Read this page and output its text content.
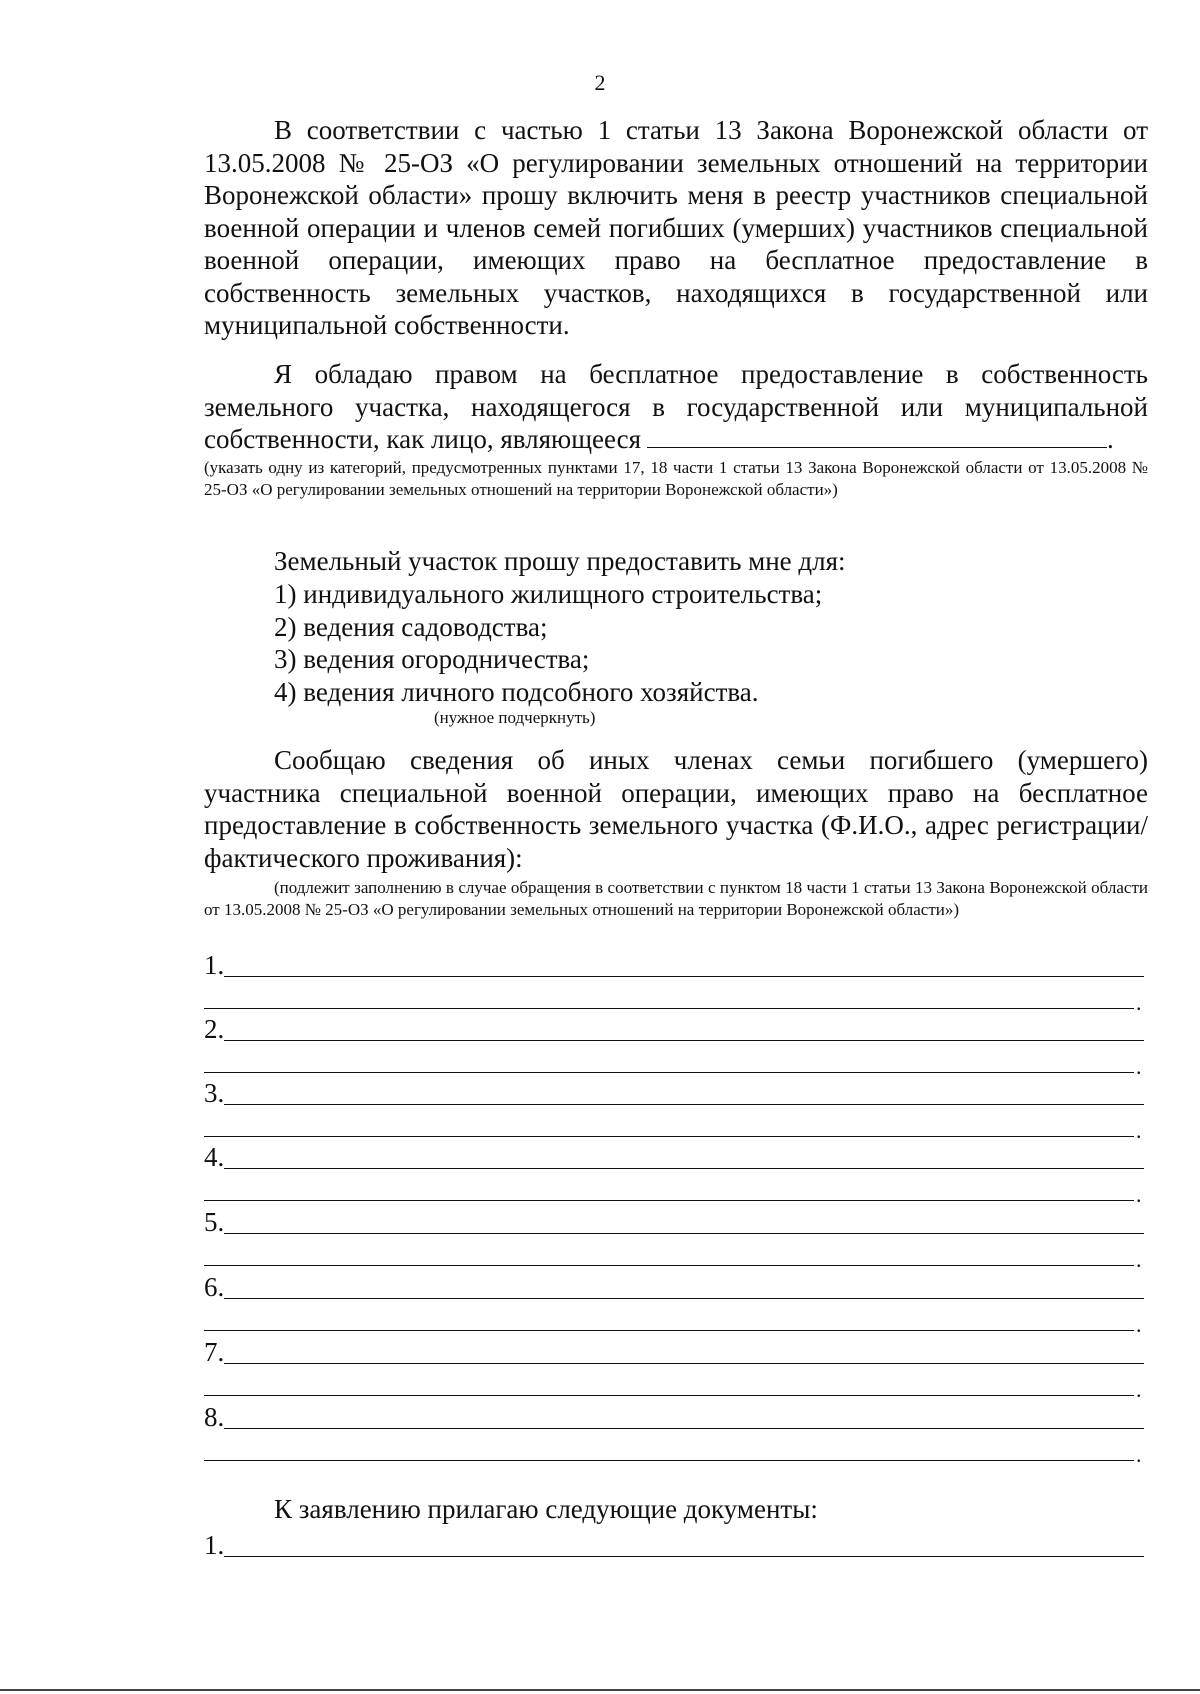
2
В соответствии с частью 1 статьи 13 Закона Воронежской области от 13.05.2008 № 25-ОЗ «О регулировании земельных отношений на территории Воронежской области» прошу включить меня в реестр участников специальной военной операции и членов семей погибших (умерших) участников специальной военной операции, имеющих право на бесплатное предоставление в собственность земельных участков, находящихся в государственной или муниципальной собственности.
Я обладаю правом на бесплатное предоставление в собственность земельного участка, находящегося в государственной или муниципальной собственности, как лицо, являющееся	.
(указать одну из категорий, предусмотренных пунктами 17, 18 части 1 статьи 13 Закона Воронежской области от 13.05.2008 № 25-ОЗ «О регулировании земельных отношений на территории Воронежской области»)
Земельный участок прошу предоставить мне для:
1) индивидуального жилищного строительства;
2) ведения садоводства;
3) ведения огородничества;
4) ведения личного подсобного хозяйства.
(нужное подчеркнуть)
Сообщаю сведения об иных членах семьи погибшего (умершего) участника специальной военной операции, имеющих право на бесплатное предоставление в собственность земельного участка (Ф.И.О., адрес регистрации/фактического проживания):
(подлежит заполнению в случае обращения в соответствии с пунктом 18 части 1 статьи 13 Закона Воронежской области от 13.05.2008 № 25-ОЗ «О регулировании земельных отношений на территории Воронежской области»)
1.
.
2.
.
3.
.
4.
.
5.
.
6.
.
7.
.
8.
.
К заявлению прилагаю следующие документы:
1.
